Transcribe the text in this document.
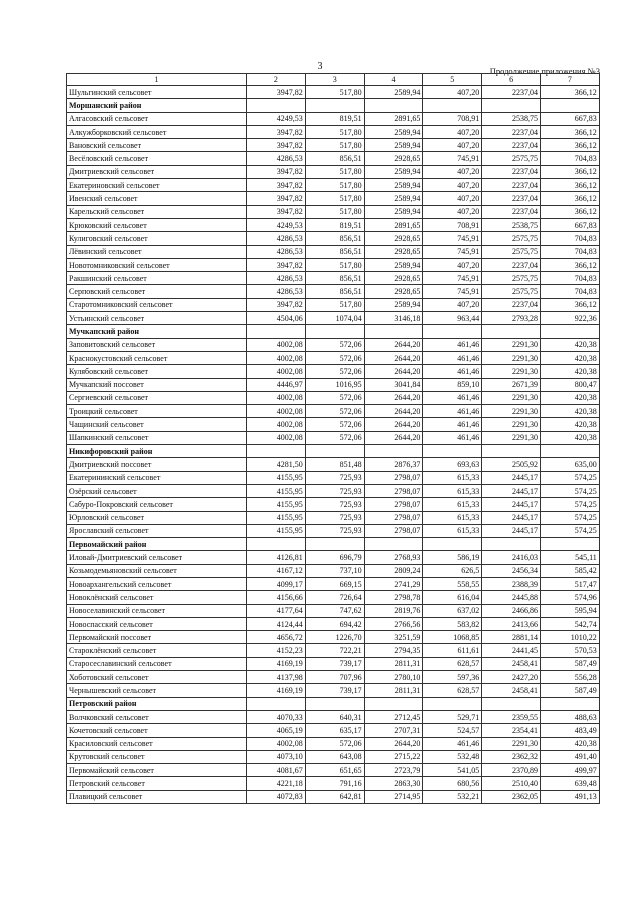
3	Продолжение приложения №3
1	2	3	4	5	6	7
Шульгинский сельсовет	3947,82	517,80	2589,94	407,20	2237,04	366,12
Моршанский район						
Алгасовский сельсовет	4249,53	819,51	2891,65	708,91	2538,75	667,83
Алкужборковский сельсовет	3947,82	517,80	2589,94	407,20	2237,04	366,12
Вановский сельсовет	3947,82	517,80	2589,94	407,20	2237,04	366,12
Весёловский сельсовет	4286,53	856,51	2928,65	745,91	2575,75	704,83
Дмитриевский сельсовет	3947,82	517,80	2589,94	407,20	2237,04	366,12
Екатериновский сельсовет	3947,82	517,80	2589,94	407,20	2237,04	366,12
Ивенский сельсовет	3947,82	517,80	2589,94	407,20	2237,04	366,12
Карельский сельсовет	3947,82	517,80	2589,94	407,20	2237,04	366,12
Крюковский сельсовет	4249,53	819,51	2891,65	708,91	2538,75	667,83
Кулиговский сельсовет	4286,53	856,51	2928,65	745,91	2575,75	704,83
Лёвинский сельсовет	4286,53	856,51	2928,65	745,91	2575,75	704,83
Новотомниковский сельсовет	3947,82	517,80	2589,94	407,20	2237,04	366,12
Ракшинский сельсовет	4286,53	856,51	2928,65	745,91	2575,75	704,83
Серповский сельсовет	4286,53	856,51	2928,65	745,91	2575,75	704,83
Старотомниковский сельсовет	3947,82	517,80	2589,94	407,20	2237,04	366,12
Устьинский сельсовет	4504,06	1074,04	3146,18	963,44	2793,28	922,36
Мучкапский район						
Заповитовский сельсовет	4002,08	572,06	2644,20	461,46	2291,30	420,38
Краснокустовский сельсовет	4002,08	572,06	2644,20	461,46	2291,30	420,38
Кулябовский сельсовет	4002,08	572,06	2644,20	461,46	2291,30	420,38
Мучкапский поссовет	4446,97	1016,95	3041,84	859,10	2671,39	800,47
Сергиевский сельсовет	4002,08	572,06	2644,20	461,46	2291,30	420,38
Троицкий сельсовет	4002,08	572,06	2644,20	461,46	2291,30	420,38
Чащинский сельсовет	4002,08	572,06	2644,20	461,46	2291,30	420,38
Шапкинский сельсовет	4002,08	572,06	2644,20	461,46	2291,30	420,38
Никифоровский район						
Дмитриевский поссовет	4281,50	851,48	2876,37	693,63	2505,92	635,00
Екатерининский сельсовет	4155,95	725,93	2798,07	615,33	2445,17	574,25
Озёрский сельсовет	4155,95	725,93	2798,07	615,33	2445,17	574,25
Сабуро-Покровский сельсовет	4155,95	725,93	2798,07	615,33	2445,17	574,25
Юрловский сельсовет	4155,95	725,93	2798,07	615,33	2445,17	574,25
Ярославский сельсовет	4155,95	725,93	2798,07	615,33	2445,17	574,25
Первомайский район						
Иловай-Дмитриевский сельсовет	4126,81	696,79	2768,93	586,19	2416,03	545,11
Козьмодемьяновский сельсовет	4167,12	737,10	2809,24	626,5	2456,34	585,42
Новоархангельский сельсовет	4099,17	669,15	2741,29	558,55	2388,39	517,47
Новоклёнский сельсовет	4156,66	726,64	2798,78	616,04	2445,88	574,96
Новоселавинский сельсовет	4177,64	747,62	2819,76	637,02	2466,86	595,94
Новоспасский сельсовет	4124,44	694,42	2766,56	583,82	2413,66	542,74
Первомайский поссовет	4656,72	1226,70	3251,59	1068,85	2881,14	1010,22
Староклёнский сельсовет	4152,23	722,21	2794,35	611,61	2441,45	570,53
Старосеславинский сельсовет	4169,19	739,17	2811,31	628,57	2458,41	587,49
Хоботовский сельсовет	4137,98	707,96	2780,10	597,36	2427,20	556,28
Чернышевский сельсовет	4169,19	739,17	2811,31	628,57	2458,41	587,49
Петровский район						
Волчковский сельсовет	4070,33	640,31	2712,45	529,71	2359,55	488,63
Кочетовский сельсовет	4065,19	635,17	2707,31	524,57	2354,41	483,49
Красиловский сельсовет	4002,08	572,06	2644,20	461,46	2291,30	420,38
Крутовский сельсовет	4073,10	643,08	2715,22	532,48	2362,32	491,40
Первомайский сельсовет	4081,67	651,65	2723,79	541,05	2370,89	499,97
Петровский сельсовет	4221,18	791,16	2863,30	680,56	2510,40	639,48
Плавицкий сельсовет	4072,83	642,81	2714,95	532,21	2362,05	491,13
